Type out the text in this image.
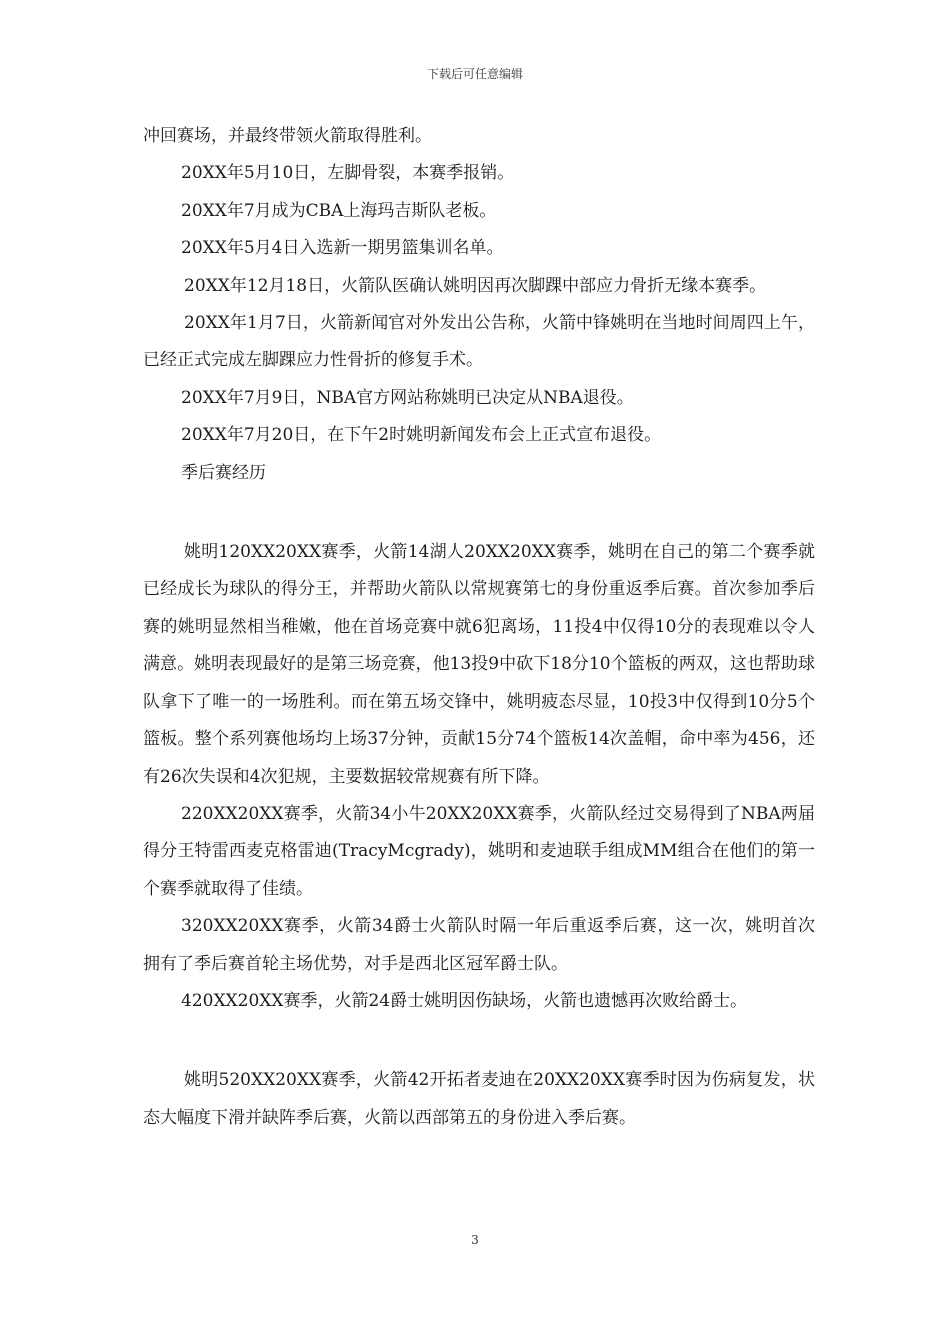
下载后可任意编辑

冲回赛场，并最终带领火箭取得胜利。

20XX年5月10日，左脚骨裂，本赛季报销。

20XX年7月成为CBA上海玛吉斯队老板。

20XX年5月4日入选新一期男篮集训名单。

20XX年12月18日，火箭队医确认姚明因再次脚踝中部应力骨折无缘本赛季。

20XX年1月7日，火箭新闻官对外发出公告称，火箭中锋姚明在当地时间周四上午，已经正式完成左脚踝应力性骨折的修复手术。

20XX年7月9日，NBA官方网站称姚明已决定从NBA退役。

20XX年7月20日，在下午2时姚明新闻发布会上正式宣布退役。

季后赛经历

姚明120XX20XX赛季，火箭14湖人20XX20XX赛季，姚明在自己的第二个赛季就已经成长为球队的得分王，并帮助火箭队以常规赛第七的身份重返季后赛。首次参加季后赛的姚明显然相当稚嫩，他在首场竞赛中就6犯离场，11投4中仅得10分的表现难以令人满意。姚明表现最好的是第三场竞赛，他13投9中砍下18分10个篮板的两双，这也帮助球队拿下了唯一的一场胜利。而在第五场交锋中，姚明疲态尽显，10投3中仅得到10分5个篮板。整个系列赛他场均上场37分钟，贡献15分74个篮板14次盖帽，命中率为456，还有26次失误和4次犯规，主要数据较常规赛有所下降。

220XX20XX赛季，火箭34小牛20XX20XX赛季，火箭队经过交易得到了NBA两届得分王特雷西麦克格雷迪(TracyMcgrady)，姚明和麦迪联手组成MM组合在他们的第一个赛季就取得了佳绩。

320XX20XX赛季，火箭34爵士火箭队时隔一年后重返季后赛，这一次，姚明首次拥有了季后赛首轮主场优势，对手是西北区冠军爵士队。

420XX20XX赛季，火箭24爵士姚明因伤缺场，火箭也遗憾再次败给爵士。

姚明520XX20XX赛季，火箭42开拓者麦迪在20XX20XX赛季时因为伤病复发，状态大幅度下滑并缺阵季后赛，火箭以西部第五的身份进入季后赛。

3
